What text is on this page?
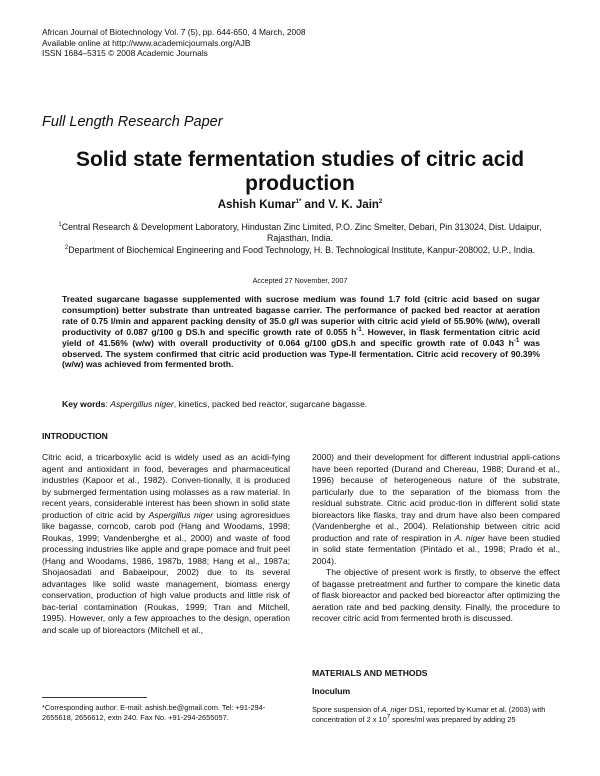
African Journal of Biotechnology Vol. 7 (5), pp. 644-650, 4 March, 2008
Available online at http://www.academicjournals.org/AJB
ISSN 1684–5315 © 2008 Academic Journals
Full Length Research Paper
Solid state fermentation studies of citric acid production
Ashish Kumar$^{1*}$ and V. K. Jain$^2$
$^1$Central Research & Development Laboratory, Hindustan Zinc Limited, P.O. Zinc Smelter, Debari, Pin 313024, Dist. Udaipur, Rajasthan, India.
$^2$Department of Biochemical Engineering and Food Technology, H. B. Technological Institute, Kanpur-208002, U.P., India.
Accepted 27 November, 2007
Treated sugarcane bagasse supplemented with sucrose medium was found 1.7 fold (citric acid based on sugar consumption) better substrate than untreated bagasse carrier. The performance of packed bed reactor at aeration rate of 0.75 l/min and apparent packing density of 35.0 g/l was superior with citric acid yield of 55.90% (w/w), overall productivity of 0.087 g/100 g DS.h and specific growth rate of 0.055 $h^{-1}$. However, in flask fermentation citric acid yield of 41.56% (w/w) with overall productivity of 0.064 g/100 gDS.h and specific growth rate of 0.043 $h^{-1}$ was observed. The system confirmed that citric acid production was Type-II fermentation. Citric acid recovery of 90.39% (w/w) was achieved from fermented broth.
Key words: Aspergillus niger, kinetics, packed bed reactor, sugarcane bagasse.
INTRODUCTION

Citric acid, a tricarboxylic acid is widely used as an acidi-fying agent and antioxidant in food, beverages and pharmaceutical industries (Kapoor et al., 1982). Conven-tionally, it is produced by submerged fermentation using molasses as a raw material. In recent years, considerable interest has been shown in solid state production of citric acid by Aspergillus niger using agroresidues like bagasse, corncob, carob pod (Hang and Woodams, 1998; Roukas, 1999; Vandenberghe et al., 2000) and waste of food processing industries like apple and grape pomace and fruit peel (Hang and Woodams, 1986, 1987b, 1988; Hang et al., 1987a; Shojaosadati and Babaeipour, 2002) due to its several advantages like solid waste management, biomass energy conservation, production of high value products and little risk of bac-terial contamination (Roukas, 1999; Tran and Mitchell, 1995). However, only a few approaches to the design, operation and scale up of bioreactors (Mitchell et al.,

2000) and their development for different industrial appli-cations have been reported (Durand and Chereau, 1988; Durand et al., 1996) because of heterogeneous nature of the substrate, particularly due to the separation of the biomass from the residual substrate. Citric acid produc-tion in different solid state bioreactors like flasks, tray and drum have also been compared (Vandenberghe et al., 2004). Relationship between citric acid production and rate of respiration in A. niger have been studied in solid state fermentation (Pintado et al., 1998; Prado et al., 2004).

The objective of present work is firstly, to observe the effect of bagasse pretreatment and further to compare the kinetic data of flask bioreactor and packed bed bioreactor after optimizing the aeration rate and bed packing density. Finally, the procedure to recover citric acid from fermented broth is discussed.

MATERIALS AND METHODS
Inoculum
Spore suspension of A. niger DS1, reported by Kumar et al. (2003) with concentration of 2 x $10^7$ spores/ml was prepared by adding 25
*Corresponding author. E-mail: ashish.be@gmail.com. Tel: +91-294-2655618, 2656612, extn 240. Fax No. +91-294-2655057.
